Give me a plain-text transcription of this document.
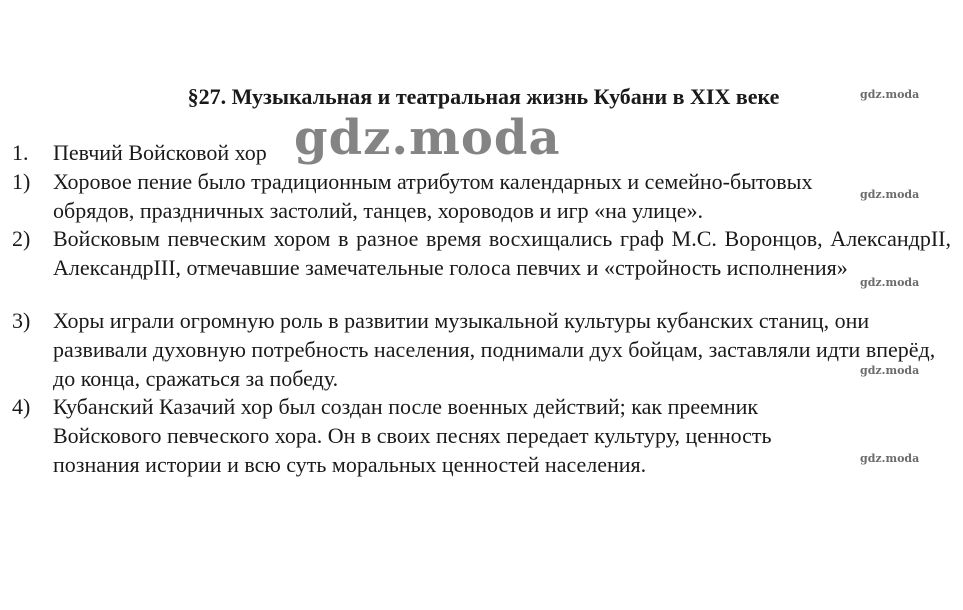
§27. Музыкальная и театральная жизнь Кубани в XIX веке	gdz.moda
gdz.moda
gdz.moda
gdz.moda
gdz.moda
1. Певчий Войсковой хор
1) Хоровое пение было традиционным атрибутом календарных и семейно-бытовых обрядов, праздничных застолий, танцев, хороводов и игр «на улице».
2) Войсковым певческим хором в разное время восхищались граф М.С. Воронцов, АлександрII, АлександрIII, отмечавшие замечательные голоса певчих и «стройность исполнения»
3) Хоры играли огромную роль в развитии музыкальной культуры кубанских станиц, они развивали духовную потребность населения, поднимали дух бойцам, заставляли идти вперёд, до конца, сражаться за победу.
4) Кубанский Казачий хор был создан после военных действий; как преемник Войскового певческого хора. Он в своих песнях передает культуру, ценность познания истории и всю суть моральных ценностей населения.
gdz.moda
